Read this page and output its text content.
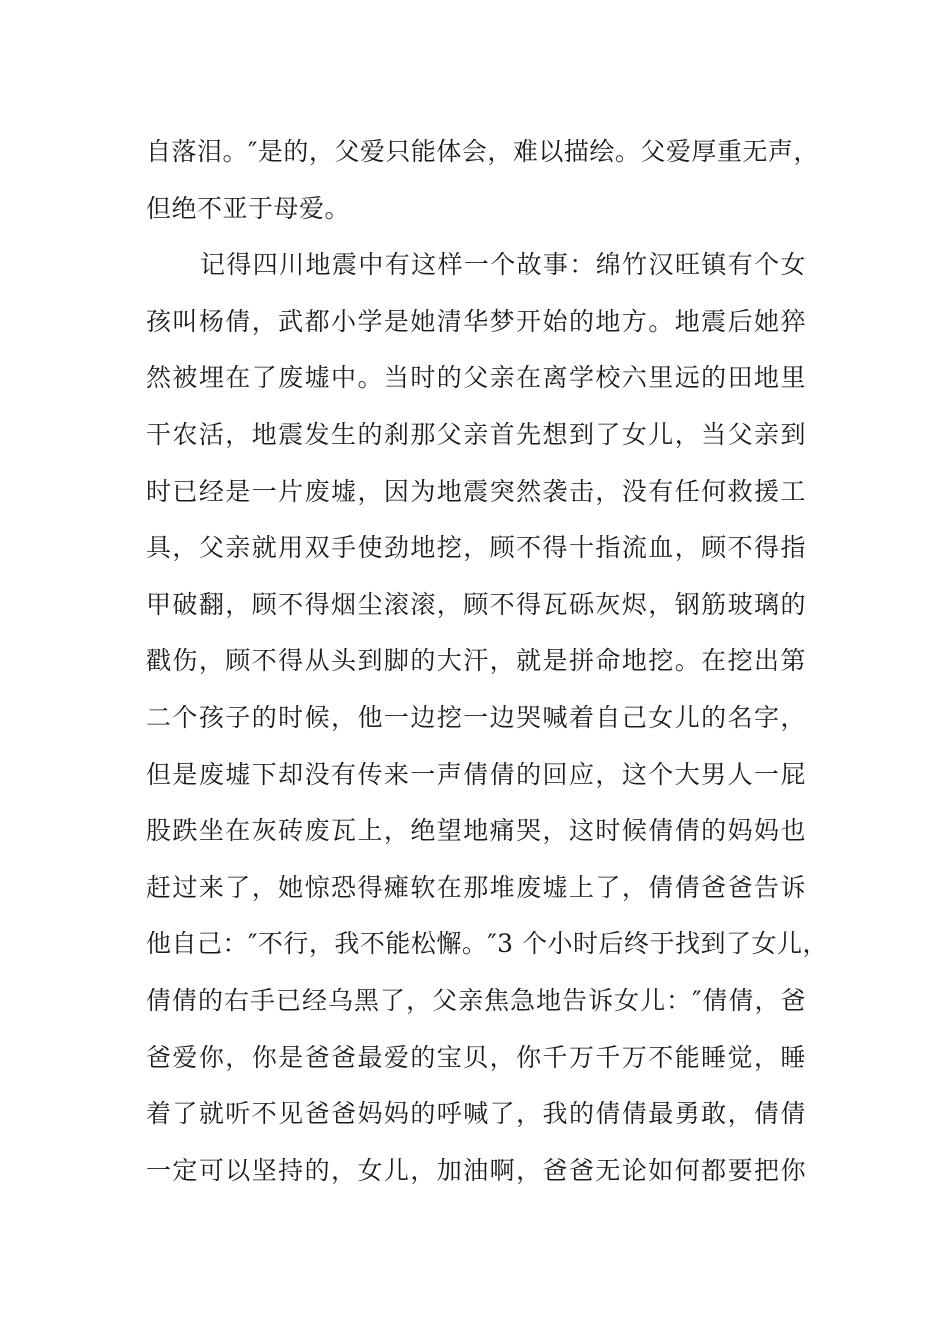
自落泪。″是的，父爱只能体会，难以描绘。父爱厚重无声，
但绝不亚于母爱。
记得四川地震中有这样一个故事：绵竹汉旺镇有个女
孩叫杨倩，武都小学是她清华梦开始的地方。地震后她猝
然被埋在了废墟中。当时的父亲在离学校六里远的田地里
干农活，地震发生的刹那父亲首先想到了女儿，当父亲到
时已经是一片废墟，因为地震突然袭击，没有任何救援工
具，父亲就用双手使劲地挖，顾不得十指流血，顾不得指
甲破翻，顾不得烟尘滚滚，顾不得瓦砾灰烬，钢筋玻璃的
戳伤，顾不得从头到脚的大汗，就是拼命地挖。在挖出第
二个孩子的时候，他一边挖一边哭喊着自己女儿的名字，
但是废墟下却没有传来一声倩倩的回应，这个大男人一屁
股跌坐在灰砖废瓦上，绝望地痛哭，这时候倩倩的妈妈也
赶过来了，她惊恐得瘫软在那堆废墟上了，倩倩爸爸告诉
他自己：″不行，我不能松懈。″3 个小时后终于找到了女儿，
倩倩的右手已经乌黑了，父亲焦急地告诉女儿：″倩倩，爸
爸爱你，你是爸爸最爱的宝贝，你千万千万不能睡觉，睡
着了就听不见爸爸妈妈的呼喊了，我的倩倩最勇敢，倩倩
一定可以坚持的，女儿，加油啊，爸爸无论如何都要把你
